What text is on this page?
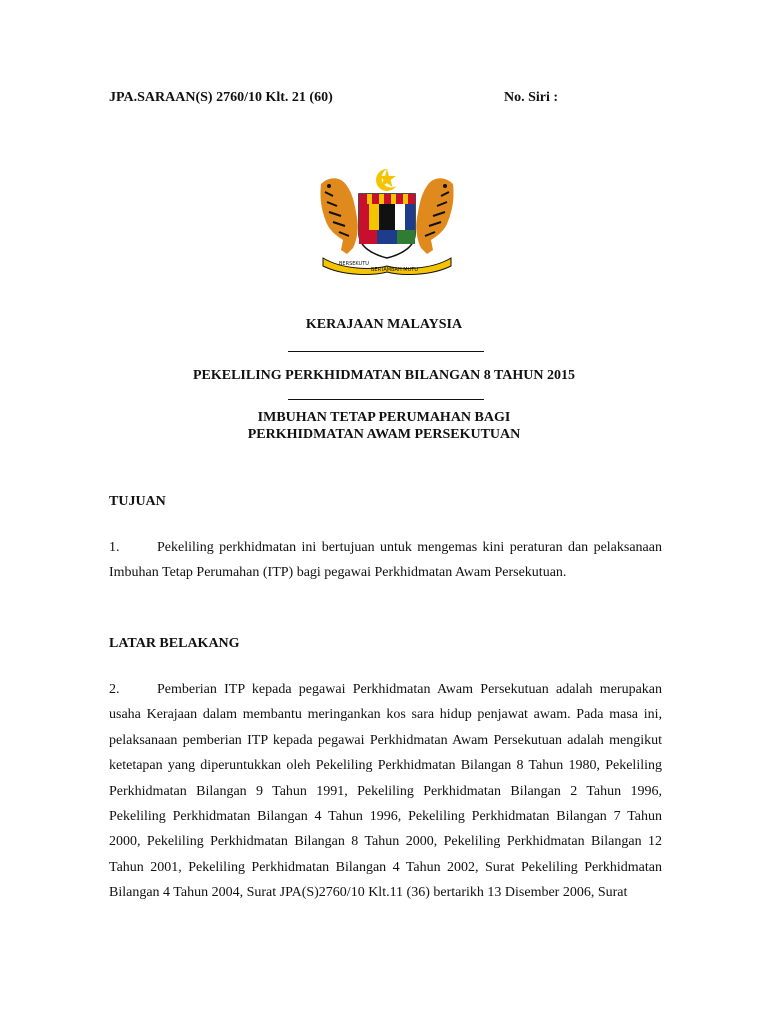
JPA.SARAAN(S) 2760/10 Klt. 21 (60)	No. Siri :
BERSEKUTU
BERTAMBAH MUTU
KERAJAAN MALAYSIA
PEKELILING PERKHIDMATAN BILANGAN 8 TAHUN 2015
IMBUHAN TETAP PERUMAHAN BAGI
PERKHIDMATAN AWAM PERSEKUTUAN
TUJUAN
1.	Pekeliling perkhidmatan ini bertujuan untuk mengemas kini peraturan dan pelaksanaan Imbuhan Tetap Perumahan (ITP) bagi pegawai Perkhidmatan Awam Persekutuan.
LATAR BELAKANG
2.	Pemberian ITP kepada pegawai Perkhidmatan Awam Persekutuan adalah merupakan usaha Kerajaan dalam membantu meringankan kos sara hidup penjawat awam. Pada masa ini, pelaksanaan pemberian ITP kepada pegawai Perkhidmatan Awam Persekutuan adalah mengikut ketetapan yang diperuntukkan oleh Pekeliling Perkhidmatan Bilangan 8 Tahun 1980, Pekeliling Perkhidmatan Bilangan 9 Tahun 1991, Pekeliling Perkhidmatan Bilangan 2 Tahun 1996, Pekeliling Perkhidmatan Bilangan 4 Tahun 1996, Pekeliling Perkhidmatan Bilangan 7 Tahun 2000, Pekeliling Perkhidmatan Bilangan 8 Tahun 2000, Pekeliling Perkhidmatan Bilangan 12 Tahun 2001, Pekeliling Perkhidmatan Bilangan 4 Tahun 2002, Surat Pekeliling Perkhidmatan Bilangan 4 Tahun 2004, Surat JPA(S)2760/10 Klt.11 (36) bertarikh 13 Disember 2006, Surat
